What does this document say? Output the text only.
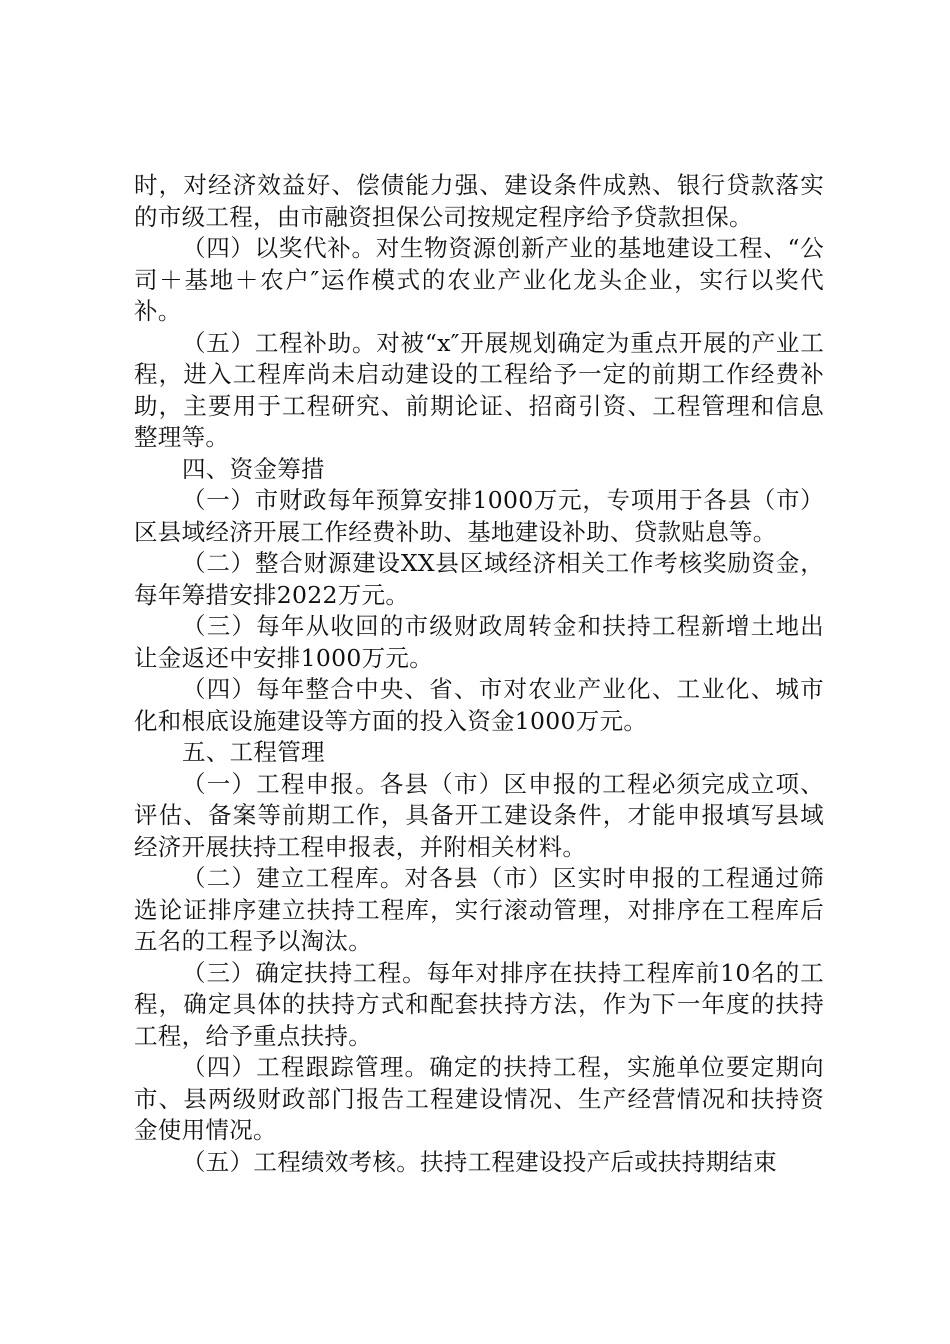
时，对经济效益好、偿债能力强、建设条件成熟、银行贷款落实的市级工程，由市融资担保公司按规定程序给予贷款担保。

（四）以奖代补。对生物资源创新产业的基地建设工程、“公司＋基地＋农户″运作模式的农业产业化龙头企业，实行以奖代补。

（五）工程补助。对被“x″开展规划确定为重点开展的产业工程，进入工程库尚未启动建设的工程给予一定的前期工作经费补助，主要用于工程研究、前期论证、招商引资、工程管理和信息整理等。

四、资金筹措

（一）市财政每年预算安排1000万元，专项用于各县（市）区县域经济开展工作经费补助、基地建设补助、贷款贴息等。

（二）整合财源建设XX县区域经济相关工作考核奖励资金，每年筹措安排2022万元。

（三）每年从收回的市级财政周转金和扶持工程新增土地出让金返还中安排1000万元。

（四）每年整合中央、省、市对农业产业化、工业化、城市化和根底设施建设等方面的投入资金1000万元。

五、工程管理

（一）工程申报。各县（市）区申报的工程必须完成立项、评估、备案等前期工作，具备开工建设条件，才能申报填写县域经济开展扶持工程申报表，并附相关材料。

（二）建立工程库。对各县（市）区实时申报的工程通过筛选论证排序建立扶持工程库，实行滚动管理，对排序在工程库后五名的工程予以淘汰。

（三）确定扶持工程。每年对排序在扶持工程库前10名的工程，确定具体的扶持方式和配套扶持方法，作为下一年度的扶持工程，给予重点扶持。

（四）工程跟踪管理。确定的扶持工程，实施单位要定期向市、县两级财政部门报告工程建设情况、生产经营情况和扶持资金使用情况。

（五）工程绩效考核。扶持工程建设投产后或扶持期结束
